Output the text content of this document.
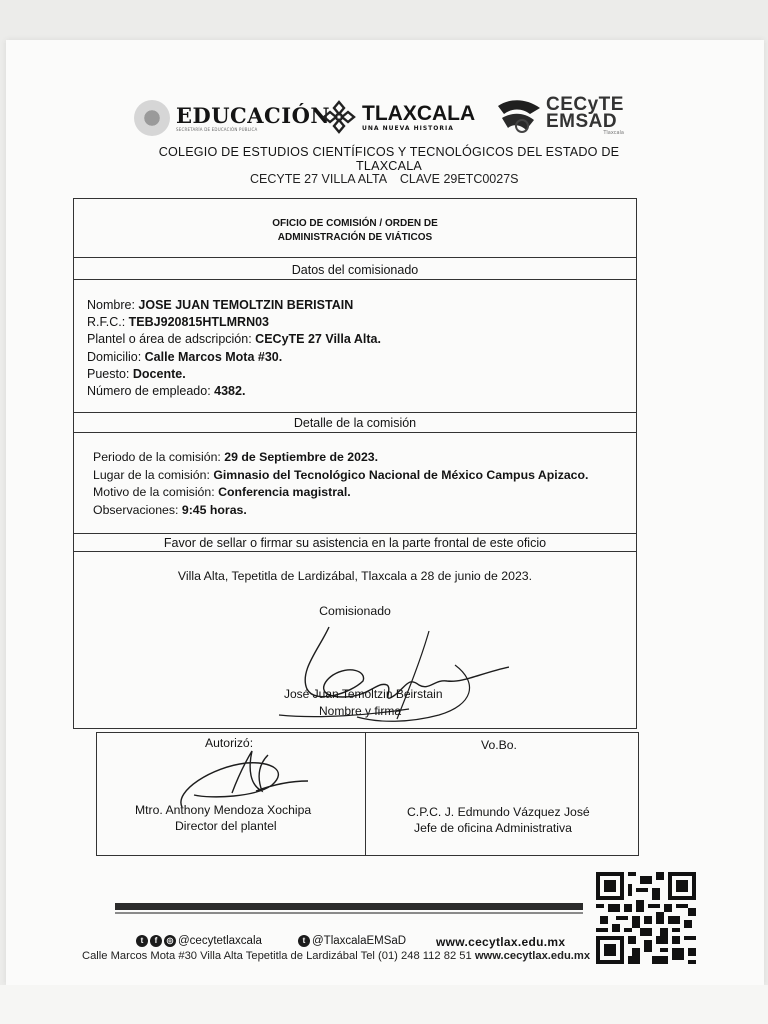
EDUCACIÓN
SECRETARÍA DE EDUCACIÓN PÚBLICA
TLAXCALA
UNA NUEVA HISTORIA
CECyTE
EMSAD
Tlaxcala
COLEGIO DE ESTUDIOS CIENTÍFICOS Y TECNOLÓGICOS DEL ESTADO DE TLAXCALA
CECYTE 27 VILLA ALTA CLAVE 29ETC0027S
OFICIO DE COMISIÓN / ORDEN DE
ADMINISTRACIÓN DE VIÁTICOS
Datos del comisionado
Nombre: JOSE JUAN TEMOLTZIN BERISTAIN
R.F.C.: TEBJ920815HTLMRN03
Plantel o área de adscripción: CECyTE 27 Villa Alta.
Domicilio: Calle Marcos Mota #30.
Puesto: Docente.
Número de empleado: 4382.
Detalle de la comisión
Periodo de la comisión: 29 de Septiembre de 2023.
Lugar de la comisión: Gimnasio del Tecnológico Nacional de México Campus Apizaco.
Motivo de la comisión: Conferencia magistral.
Observaciones: 9:45 horas.
Favor de sellar o firmar su asistencia en la parte frontal de este oficio
Villa Alta, Tepetitla de Lardizábal, Tlaxcala a 28 de junio de 2023.
Comisionado
José Juan Temoltzin Beirstain
Nombre y firma
Autorizó:	Vo.Bo.
Mtro. Anthony Mendoza Xochipa
Director del plantel
C.P.C. J. Edmundo Vázquez José
Jefe de oficina Administrativa
t	f	◎ @cecytetlaxcala	t @TlaxcalaEMSaD www.cecytlax.edu.mx
Calle Marcos Mota #30 Villa Alta Tepetitla de Lardizábal Tel (01) 248 112 82 51 www.cecytlax.edu.mx
